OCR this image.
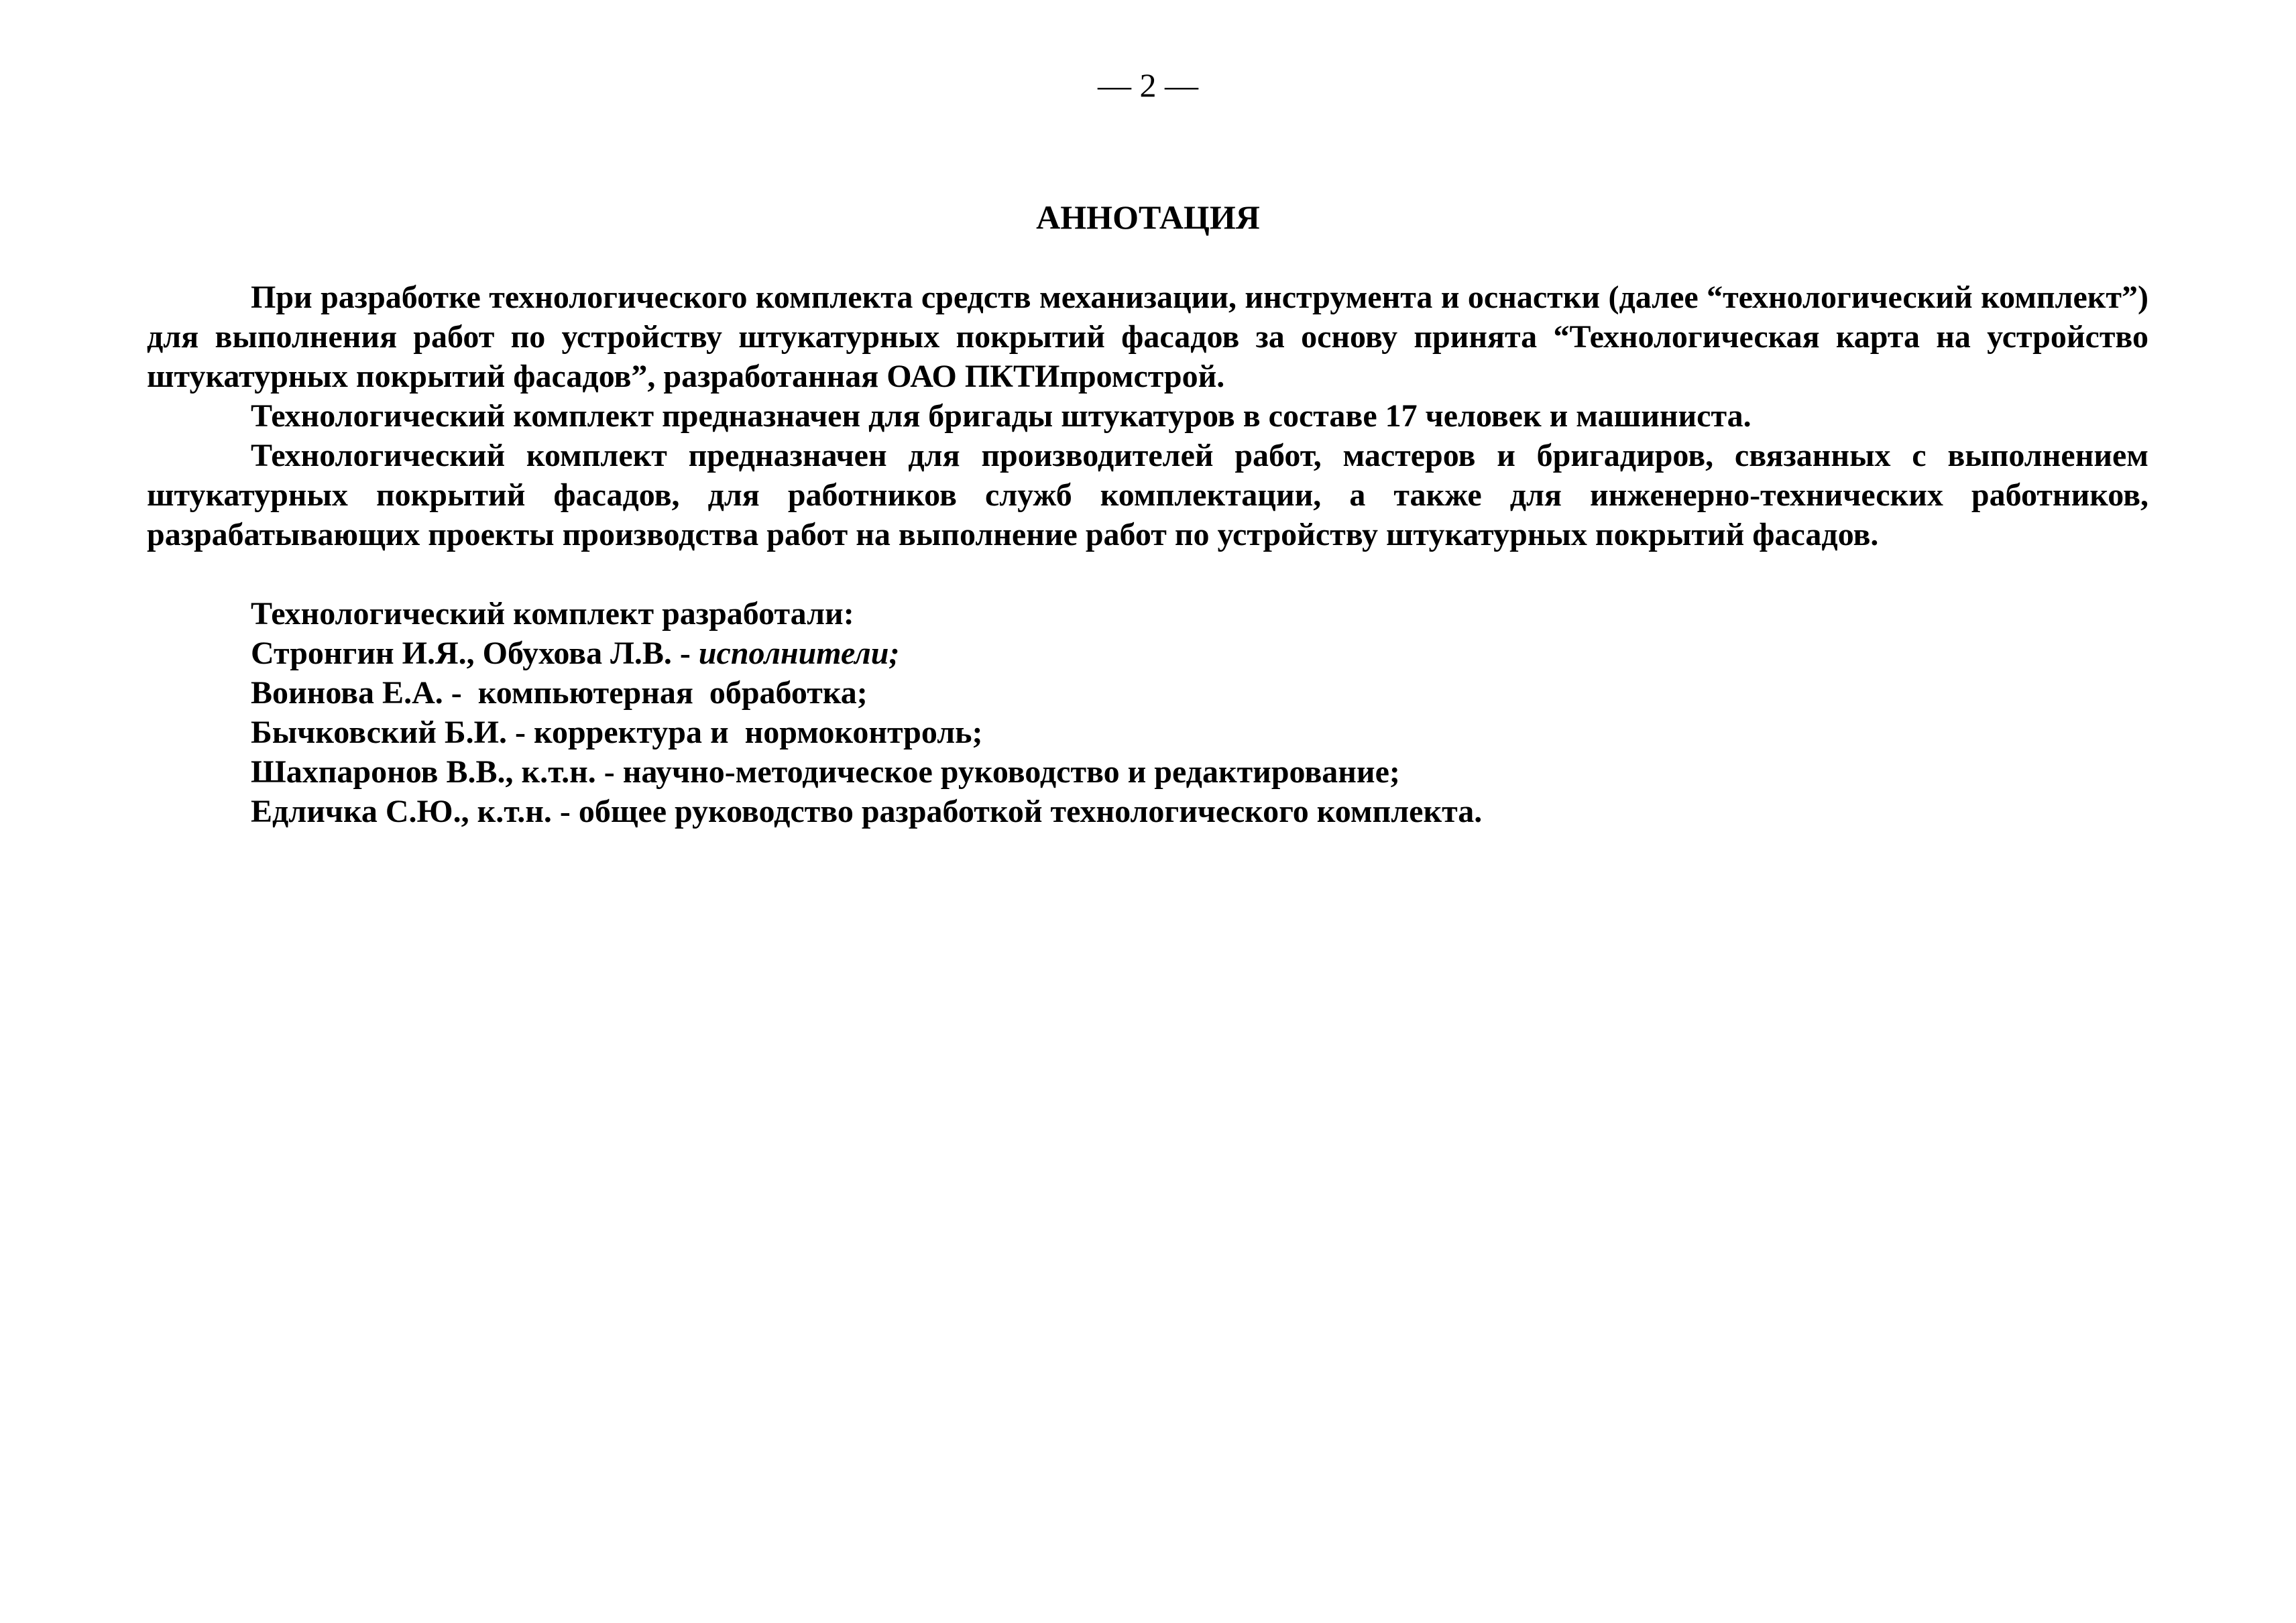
— 2 —
АННОТАЦИЯ

При разработке технологического комплекта средств механизации, инструмента и оснастки (далее “технологический комплект”) для выполнения работ по устройству штукатурных покрытий фасадов за основу принята “Технологическая карта на устройство штукатурных покрытий фасадов”, разработанная ОАО ПКТИпромстрой.

Технологический комплект предназначен для бригады штукатуров в составе 17 человек и машиниста.

Технологический комплект предназначен для производителей работ, мастеров и бригадиров, связанных с выполнением штукатурных покрытий фасадов, для работников служб комплектации, а также для инженерно-технических работников, разрабатывающих проекты производства работ на выполнение работ по устройству штукатурных покрытий фасадов.

Технологический комплект разработали:
Стронгин И.Я., Обухова Л.В. - исполнители;
Воинова Е.А. -  компьютерная  обработка;
Бычковский Б.И. - корректура и  нормоконтроль;
Шахпаронов В.В., к.т.н. - научно-методическое руководство и редактирование;
Едличка С.Ю., к.т.н. - общее руководство разработкой технологического комплекта.
